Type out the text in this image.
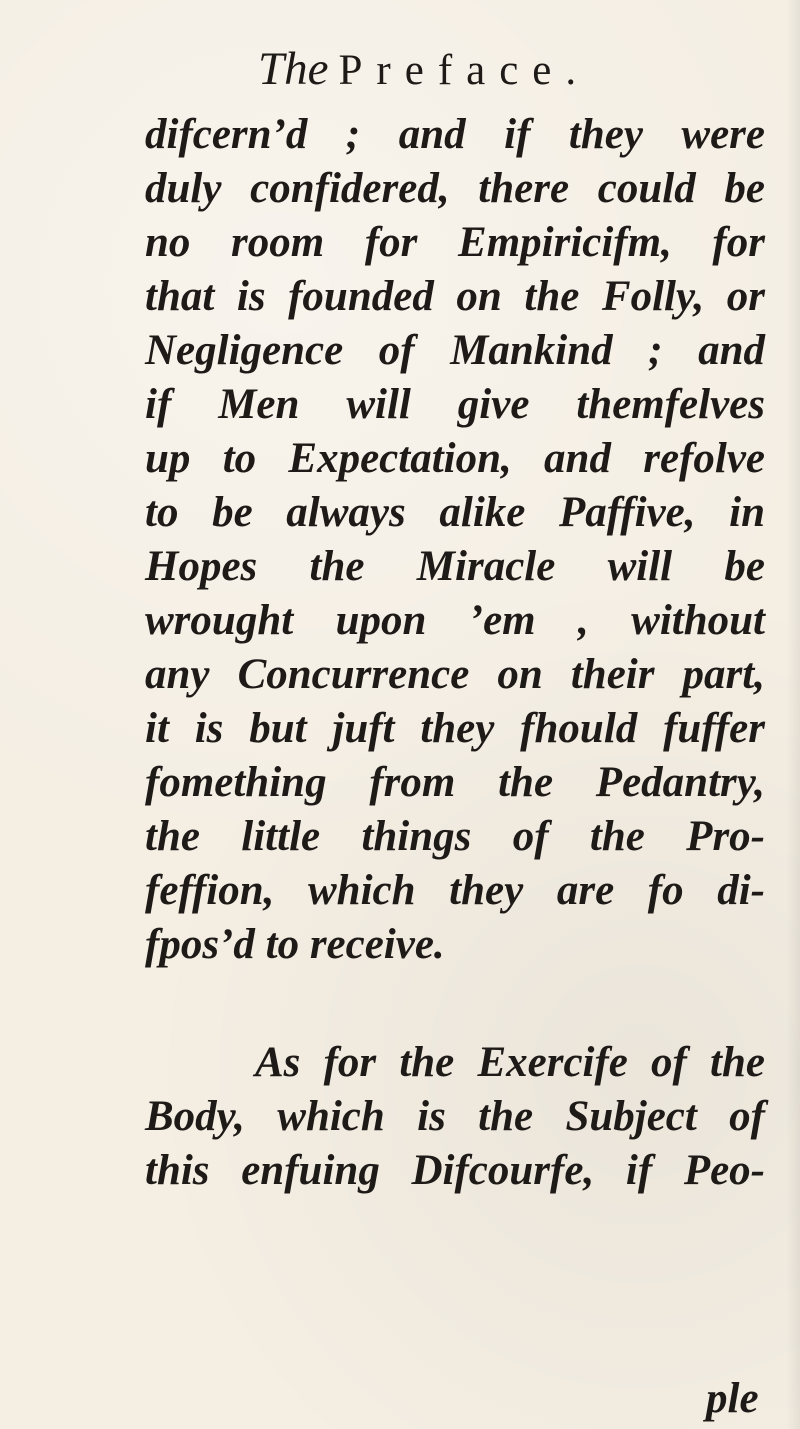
The Preface.
difcern’d ; and if they were
duly confidered, there could be
no room for Empiricifm, for
that is founded on the Folly, or
Negligence of Mankind ; and
if Men will give themfelves
up to Expectation, and refolve
to be always alike Paffive, in
Hopes the Miracle will be
wrought upon ’em , without
any Concurrence on their part,
it is but juft they fhould fuffer
fomething from the Pedantry,
the little things of the Pro-
feffion, which they are fo di-
fpos’d to receive.
As for the Exercife of the
Body, which is the Subject of
this enfuing Difcourfe, if Peo-
ple
